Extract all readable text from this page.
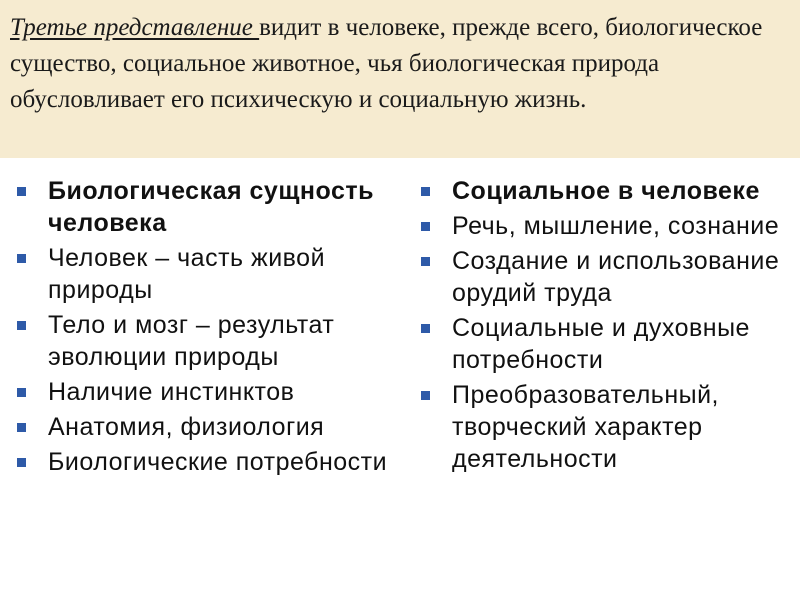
Третье представление видит в человеке, прежде всего, биологическое существо, социальное животное, чья биологическая природа обусловливает его психическую и социальную жизнь.
Биологическая сущность человека
Человек – часть живой природы
Тело и мозг – результат эволюции природы
Наличие инстинктов
Анатомия, физиология
Биологические потребности
Социальное в человеке
Речь, мышление, сознание
Создание и использование орудий труда
Социальные и духовные потребности
Преобразовательный, творческий характер деятельности
